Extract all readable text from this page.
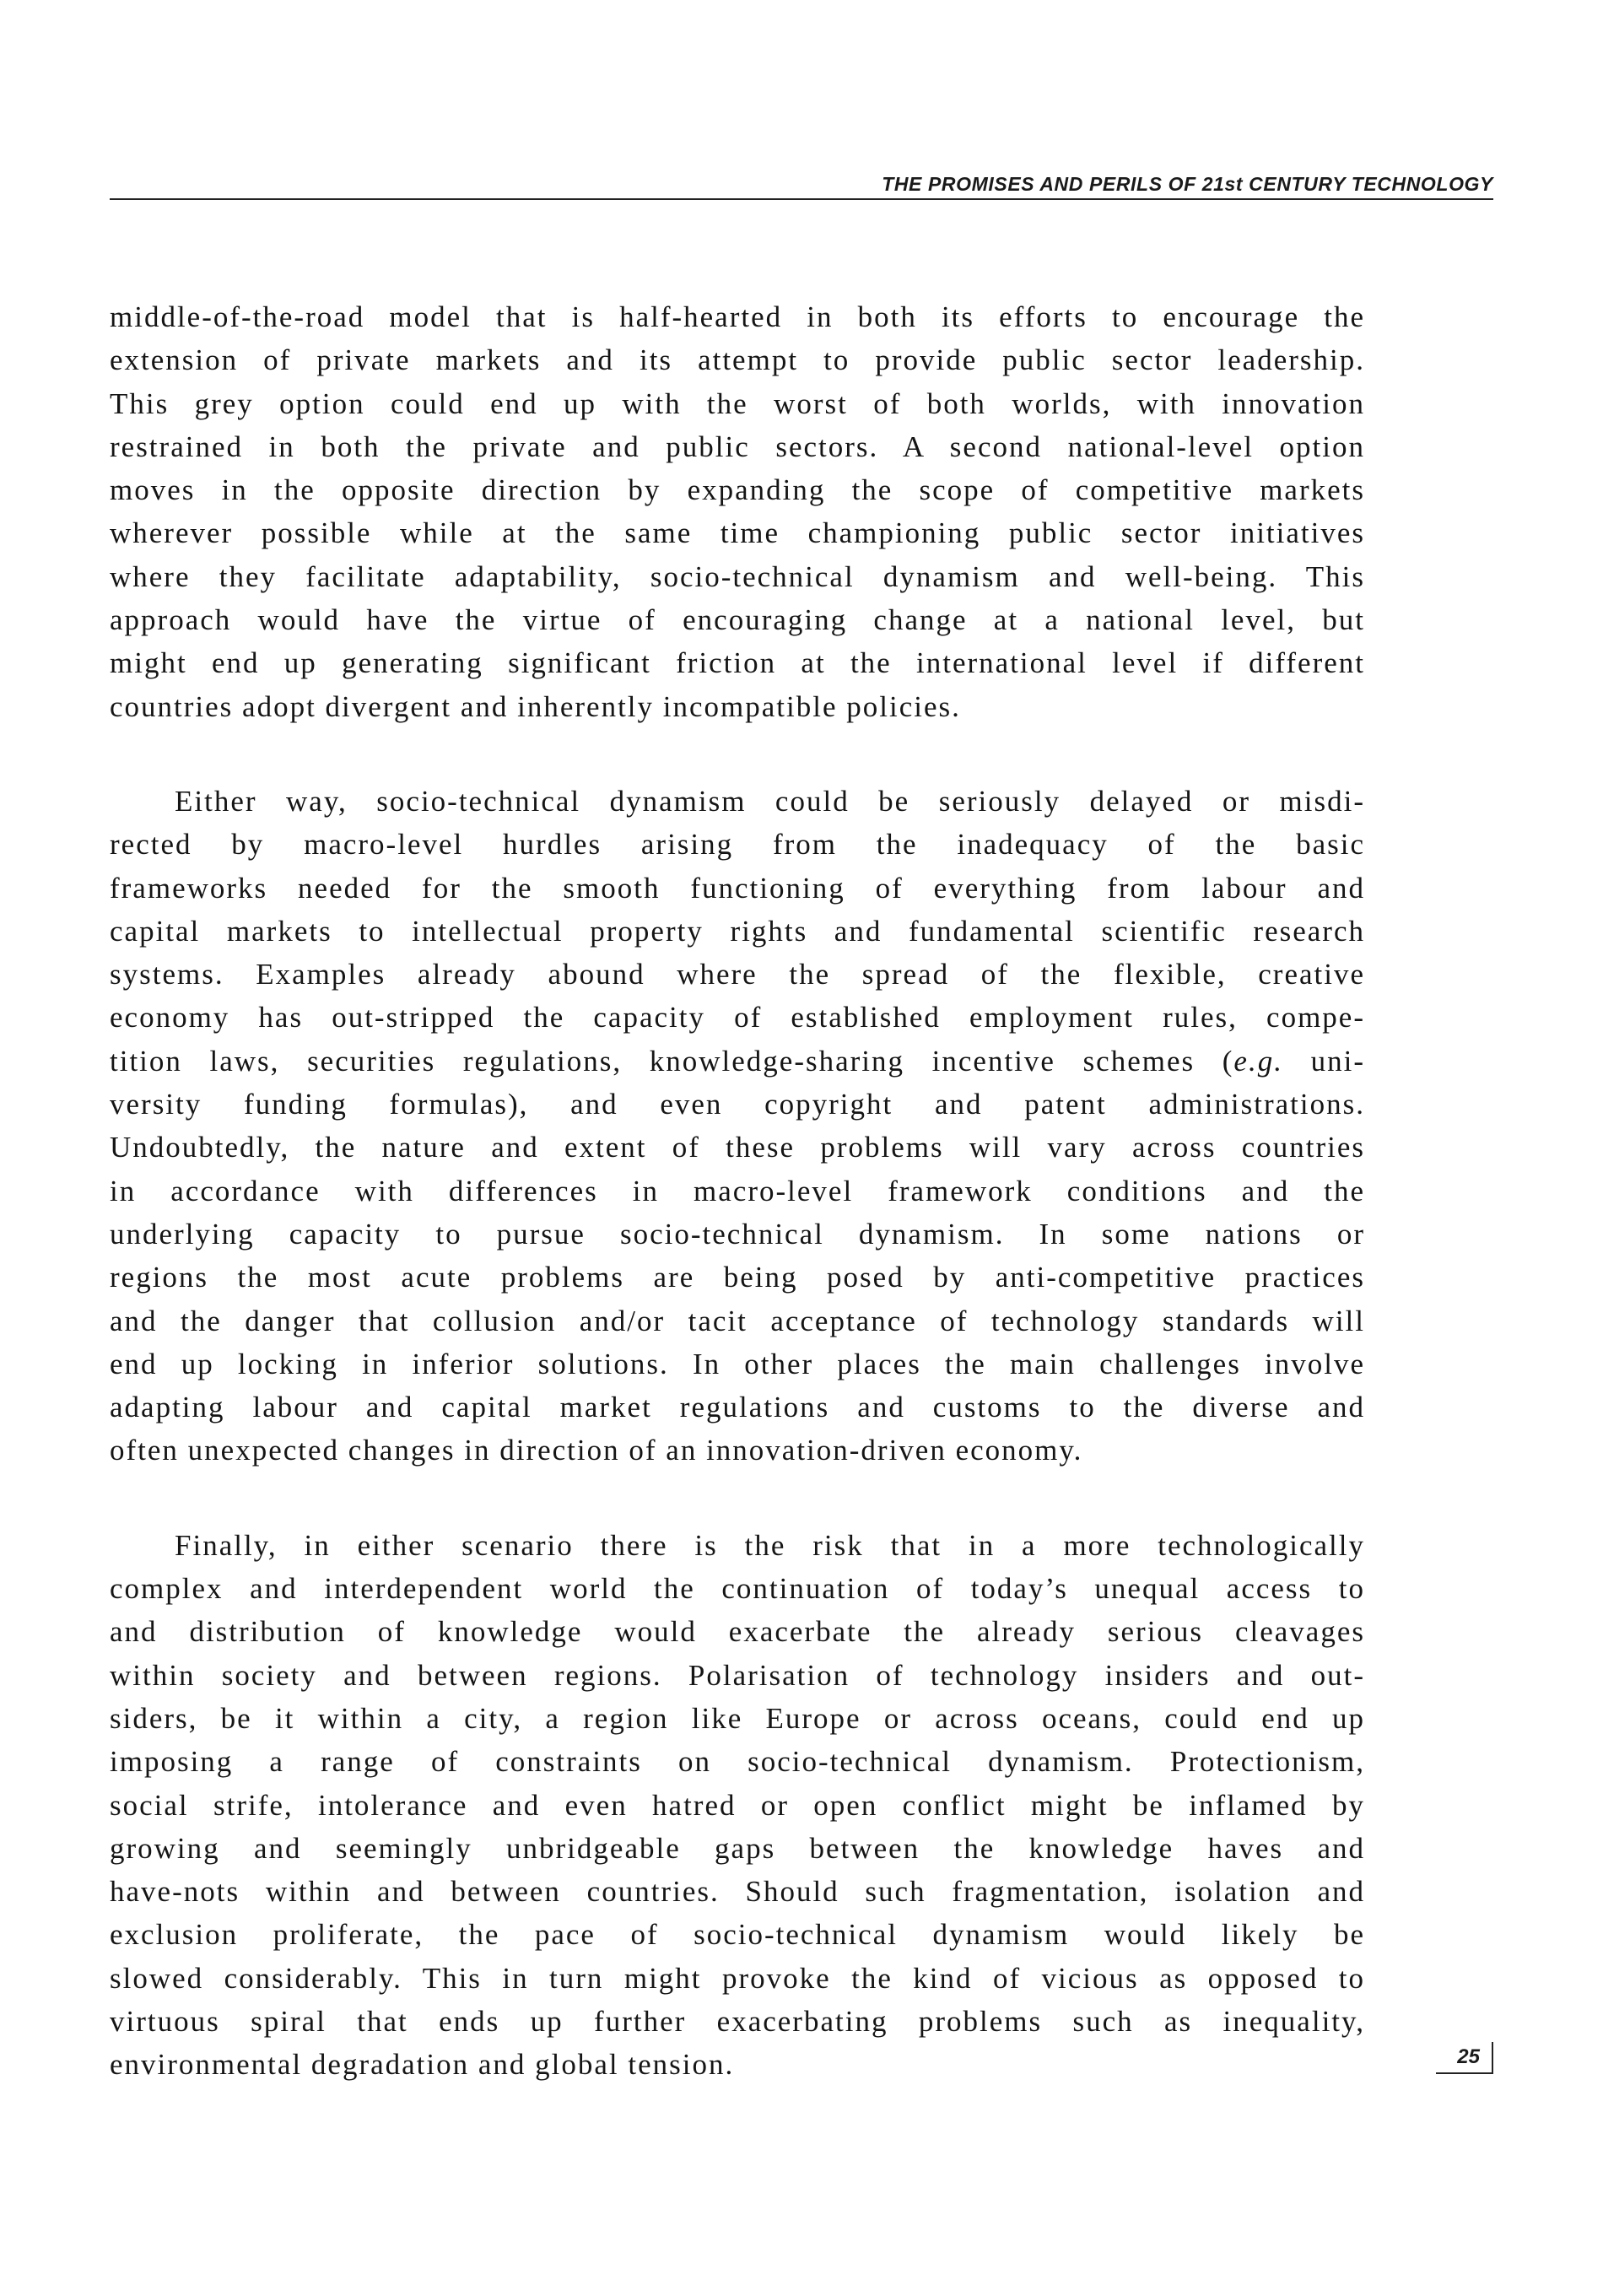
THE PROMISES AND PERILS OF 21st CENTURY TECHNOLOGY
middle-of-the-road model that is half-hearted in both its efforts to encourage the
extension of private markets and its attempt to provide public sector leadership.
This grey option could end up with the worst of both worlds, with innovation
restrained in both the private and public sectors. A second national-level option
moves in the opposite direction by expanding the scope of competitive markets
wherever possible while at the same time championing public sector initiatives
where they facilitate adaptability, socio-technical dynamism and well-being. This
approach would have the virtue of encouraging change at a national level, but
might end up generating significant friction at the international level if different
countries adopt divergent and inherently incompatible policies.
Either way, socio-technical dynamism could be seriously delayed or misdi-
rected by macro-level hurdles arising from the inadequacy of the basic
frameworks needed for the smooth functioning of everything from labour and
capital markets to intellectual property rights and fundamental scientific research
systems. Examples already abound where the spread of the flexible, creative
economy has out-stripped the capacity of established employment rules, compe-
tition laws, securities regulations, knowledge-sharing incentive schemes (e.g. uni-
versity funding formulas), and even copyright and patent administrations.
Undoubtedly, the nature and extent of these problems will vary across countries
in accordance with differences in macro-level framework conditions and the
underlying capacity to pursue socio-technical dynamism. In some nations or
regions the most acute problems are being posed by anti-competitive practices
and the danger that collusion and/or tacit acceptance of technology standards will
end up locking in inferior solutions. In other places the main challenges involve
adapting labour and capital market regulations and customs to the diverse and
often unexpected changes in direction of an innovation-driven economy.
Finally, in either scenario there is the risk that in a more technologically
complex and interdependent world the continuation of today’s unequal access to
and distribution of knowledge would exacerbate the already serious cleavages
within society and between regions. Polarisation of technology insiders and out-
siders, be it within a city, a region like Europe or across oceans, could end up
imposing a range of constraints on socio-technical dynamism. Protectionism,
social strife, intolerance and even hatred or open conflict might be inflamed by
growing and seemingly unbridgeable gaps between the knowledge haves and
have-nots within and between countries. Should such fragmentation, isolation and
exclusion proliferate, the pace of socio-technical dynamism would likely be
slowed considerably. This in turn might provoke the kind of vicious as opposed to
virtuous spiral that ends up further exacerbating problems such as inequality,
environmental degradation and global tension.	25
